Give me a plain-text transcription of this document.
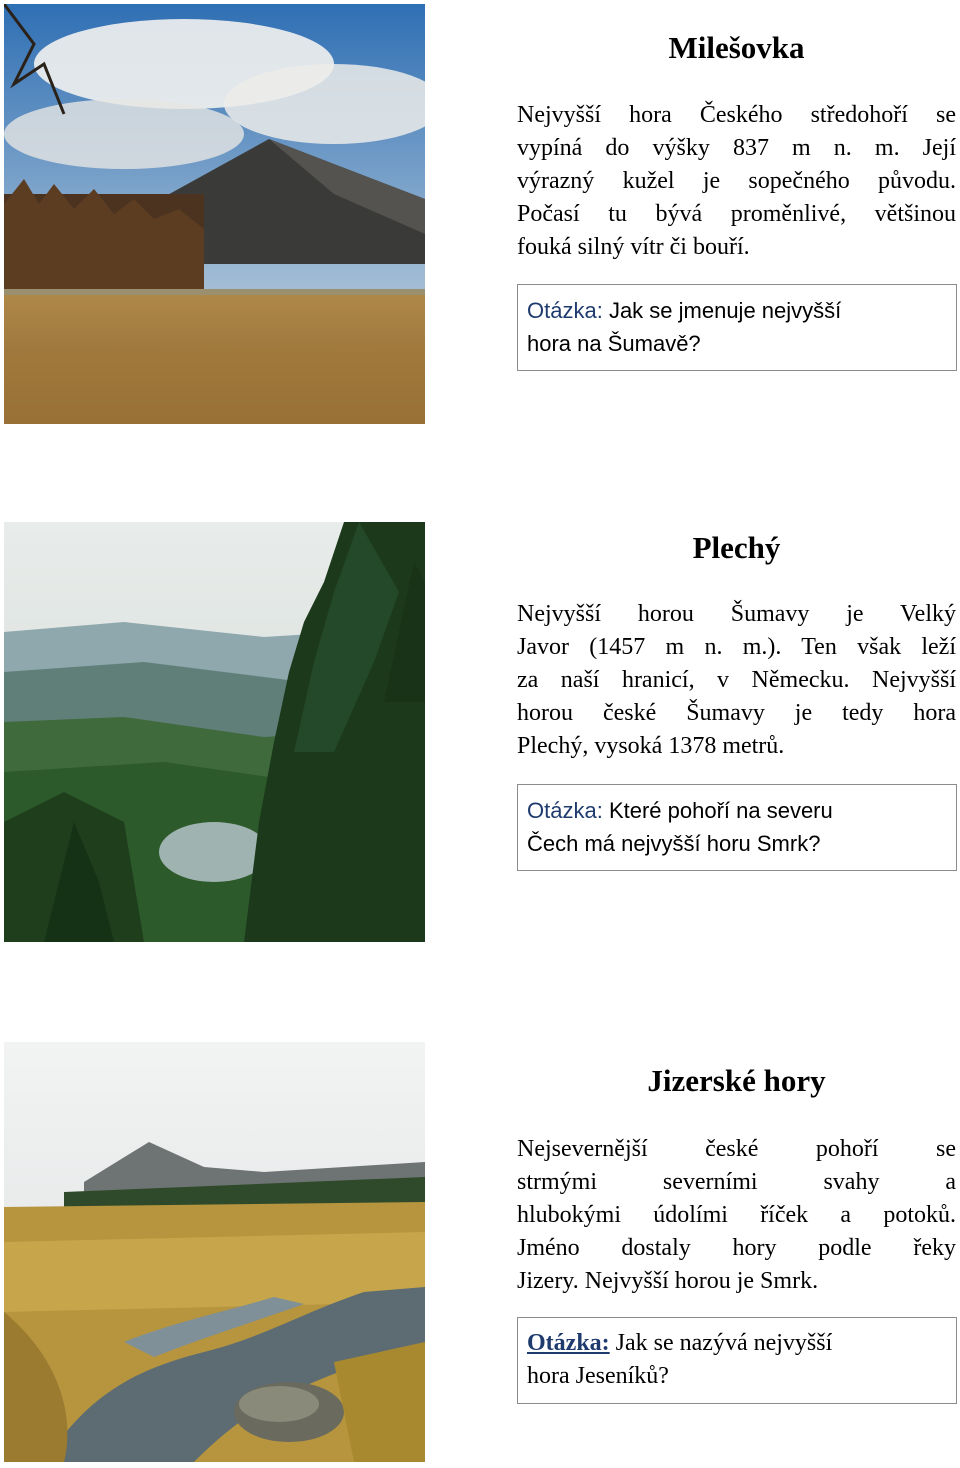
Milešovka

Nejvyšší hora Českého středohoří se

vypíná do výšky 837 m n. m. Její

výrazný kužel je sopečného původu.

Počasí tu bývá proměnlivé, většinou

fouká silný vítr či bouří.

Otázka: Jak se jmenuje nejvyšší
hora na Šumavě?
Plechý

Nejvyšší horou Šumavy je Velký

Javor (1457 m n. m.). Ten však leží

za naší hranicí, v Německu. Nejvyšší

horou české Šumavy je tedy hora

Plechý, vysoká 1378 metrů.

Otázka: Které pohoří na severu
Čech má nejvyšší horu Smrk?
Jizerské hory

Nejsevernější české pohoří se

strmými severními svahy a

hlubokými údolími říček a potoků.

Jméno dostaly hory podle řeky

Jizery. Nejvyšší horou je Smrk.

Otázka: Jak se nazývá nejvyšší
hora Jeseníků?
